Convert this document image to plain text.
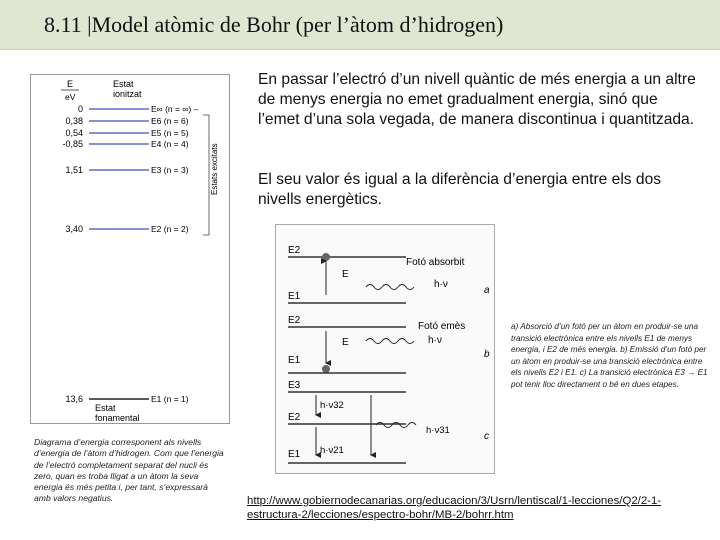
8.11 |Model atòmic de Bohr (per l’àtom d’hidrogen)
En passar l’electró d’un nivell quàntic de més energia a un altre de menys energia no emet gradualment energia, sinó que l’emet d’una sola vegada, de manera discontinua i quantitzada.
El seu valor és igual a la diferència d’energia entre els dos nivells energètics.
E
eV
Estat
ionitzat
0
0,38
0,54
-0,85
1,51
3,40
13,6
E∞ (n = ∞) –
E6 (n = 6)
E5 (n = 5)
E4 (n = 4)
E3 (n = 3)
E2 (n = 2)
E1 (n = 1)
Estats excitats
Estat
fonamental
Diagrama d’energia corresponent als nivells d’energia de l’àtom d’hidrogen. Com que l’energia de l’electró completament separat del nucli és zero, quan es troba lligat a un àtom la seva energia és més petita i, per tant, s’expressarà amb valors negatius.
E2
Fotó absorbit
E
h·ν
E1
a
E2
Fotó emès
E	h·ν
E1
b
E3
h·ν32
E2
h·ν31
h·ν21
E1
c
a) Absorció d’un fotó per un àtom en produir-se una transició electrònica entre els nivells E1 de menys energia, i E2 de més energia. b) Emissió d’un fotó per un àtom en produir-se una transició electrònica entre els nivells E2 i E1. c) La transició electrònica E3 → E1 pot tenir lloc directament o bé en dues etapes.
http://www.gobiernodecanarias.org/educacion/3/Usrn/lentiscal/1-lecciones/Q2/2-1-estructura-2/lecciones/espectro-bohr/MB-2/bohrr.htm
